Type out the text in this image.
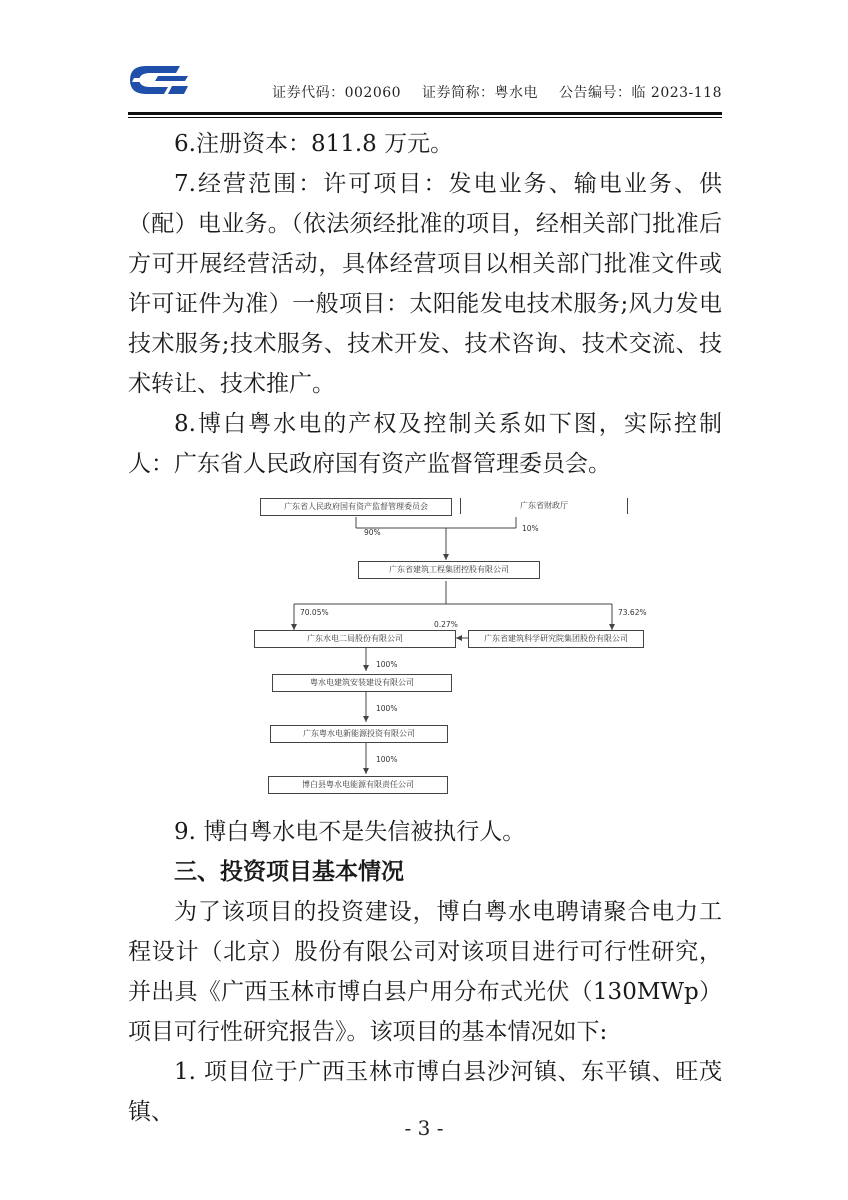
证券代码：002060 证券简称：粤水电 公告编号：临 2023-118

6.注册资本：811.8 万元。

7.经营范围：许可项目：发电业务、输电业务、供（配）电业务。（依法须经批准的项目，经相关部门批准后方可开展经营活动，具体经营项目以相关部门批准文件或许可证件为准）一般项目：太阳能发电技术服务;风力发电技术服务;技术服务、技术开发、技术咨询、技术交流、技术转让、技术推广。

8.博白粤水电的产权及控制关系如下图，实际控制人：广东省人民政府国有资产监督管理委员会。

广东省人民政府国有资产监督管理委员会	广东省财政厅
90%	10%
广东省建筑工程集团控股有限公司
70.05%	73.62%
0.27%
广东水电二局股份有限公司	广东省建筑科学研究院集团股份有限公司
100%
粤水电建筑安装建设有限公司
100%
广东粤水电新能源投资有限公司
100%
博白县粤水电能源有限责任公司

9. 博白粤水电不是失信被执行人。

三、投资项目基本情况

为了该项目的投资建设，博白粤水电聘请聚合电力工程设计（北京）股份有限公司对该项目进行可行性研究，并出具《广西玉林市博白县户用分布式光伏（130MWp）项目可行性研究报告》。该项目的基本情况如下:

1. 项目位于广西玉林市博白县沙河镇、东平镇、旺茂镇、

- 3 -
